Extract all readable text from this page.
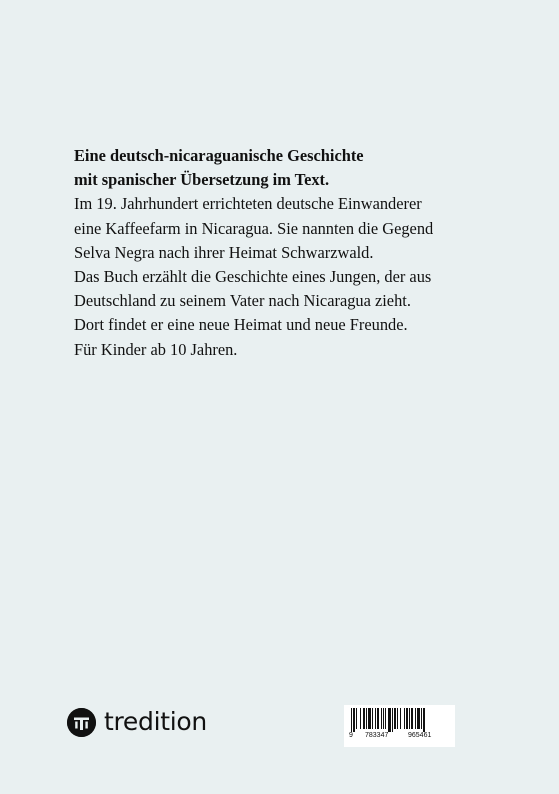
Eine deutsch-nicaraguanische Geschichte
mit spanischer Übersetzung im Text.
Im 19. Jahrhundert errichteten deutsche Einwanderer
eine Kaffeefarm in Nicaragua. Sie nannten die Gegend
Selva Negra nach ihrer Heimat Schwarzwald.
Das Buch erzählt die Geschichte eines Jungen, der aus
Deutschland zu seinem Vater nach Nicaragua zieht.
Dort findet er eine neue Heimat und neue Freunde.
Für Kinder ab 10 Jahren.
tredition	9 783347	965461
